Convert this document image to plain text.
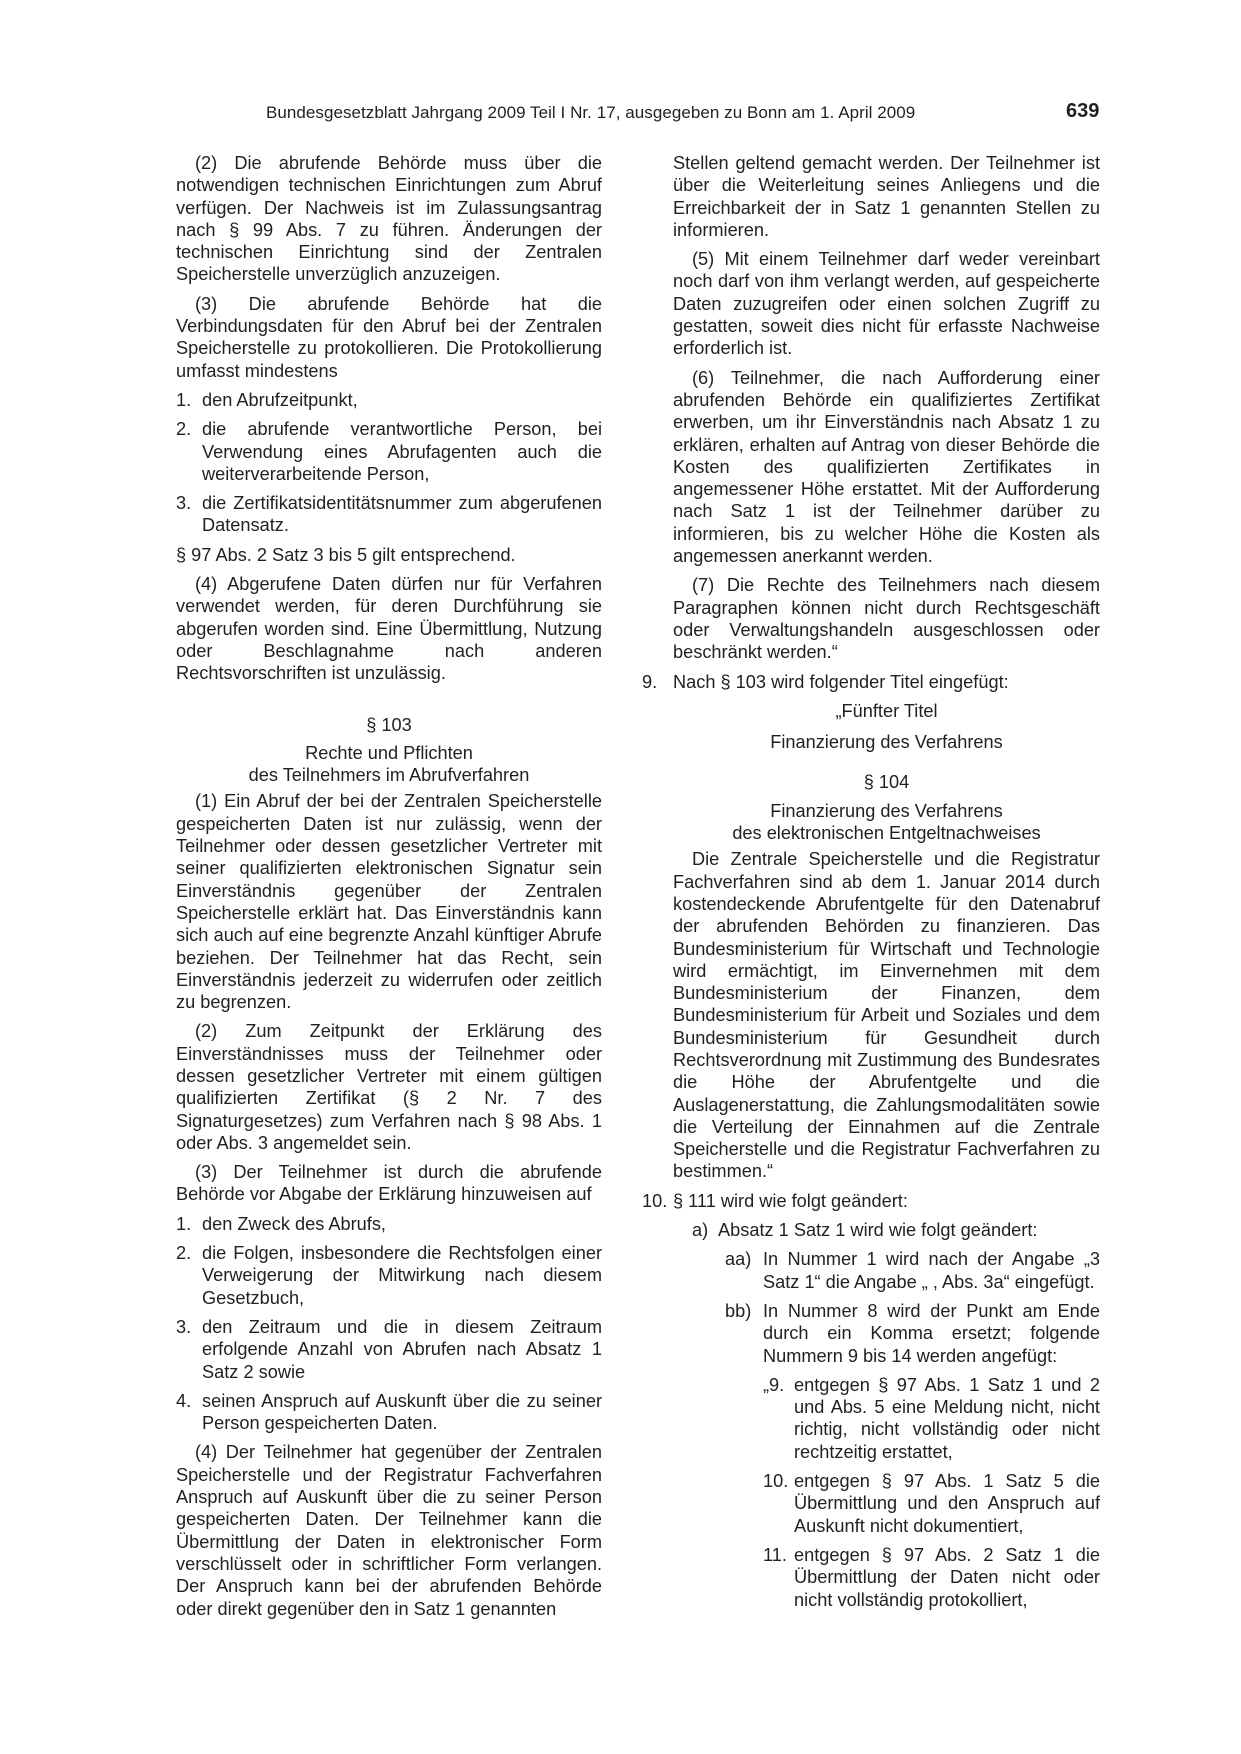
Bundesgesetzblatt Jahrgang 2009 Teil I Nr. 17, ausgegeben zu Bonn am 1. April 2009	639

(2) Die abrufende Behörde muss über die notwendigen technischen Einrichtungen zum Abruf verfügen. Der Nachweis ist im Zulassungsantrag nach § 99 Abs. 7 zu führen. Änderungen der technischen Einrichtung sind der Zentralen Speicherstelle unverzüglich anzuzeigen.

(3) Die abrufende Behörde hat die Verbindungsdaten für den Abruf bei der Zentralen Speicherstelle zu protokollieren. Die Protokollierung umfasst mindestens

1. den Abrufzeitpunkt,
2. die abrufende verantwortliche Person, bei Verwendung eines Abrufagenten auch die weiterverarbeitende Person,
3. die Zertifikatsidentitätsnummer zum abgerufenen Datensatz.

§ 97 Abs. 2 Satz 3 bis 5 gilt entsprechend.

(4) Abgerufene Daten dürfen nur für Verfahren verwendet werden, für deren Durchführung sie abgerufen worden sind. Eine Übermittlung, Nutzung oder Beschlagnahme nach anderen Rechtsvorschriften ist unzulässig.

§ 103

Rechte und Pflichten

des Teilnehmers im Abrufverfahren

(1) Ein Abruf der bei der Zentralen Speicherstelle gespeicherten Daten ist nur zulässig, wenn der Teilnehmer oder dessen gesetzlicher Vertreter mit seiner qualifizierten elektronischen Signatur sein Einverständnis gegenüber der Zentralen Speicherstelle erklärt hat. Das Einverständnis kann sich auch auf eine begrenzte Anzahl künftiger Abrufe beziehen. Der Teilnehmer hat das Recht, sein Einverständnis jederzeit zu widerrufen oder zeitlich zu begrenzen.

(2) Zum Zeitpunkt der Erklärung des Einverständnisses muss der Teilnehmer oder dessen gesetzlicher Vertreter mit einem gültigen qualifizierten Zertifikat (§ 2 Nr. 7 des Signaturgesetzes) zum Verfahren nach § 98 Abs. 1 oder Abs. 3 angemeldet sein.

(3) Der Teilnehmer ist durch die abrufende Behörde vor Abgabe der Erklärung hinzuweisen auf

1. den Zweck des Abrufs,
2. die Folgen, insbesondere die Rechtsfolgen einer Verweigerung der Mitwirkung nach diesem Gesetzbuch,
3. den Zeitraum und die in diesem Zeitraum erfolgende Anzahl von Abrufen nach Absatz 1 Satz 2 sowie
4. seinen Anspruch auf Auskunft über die zu seiner Person gespeicherten Daten.

(4) Der Teilnehmer hat gegenüber der Zentralen Speicherstelle und der Registratur Fachverfahren Anspruch auf Auskunft über die zu seiner Person gespeicherten Daten. Der Teilnehmer kann die Übermittlung der Daten in elektronischer Form verschlüsselt oder in schriftlicher Form verlangen. Der Anspruch kann bei der abrufenden Behörde oder direkt gegenüber den in Satz 1 genannten

Stellen geltend gemacht werden. Der Teilnehmer ist über die Weiterleitung seines Anliegens und die Erreichbarkeit der in Satz 1 genannten Stellen zu informieren.

(5) Mit einem Teilnehmer darf weder vereinbart noch darf von ihm verlangt werden, auf gespeicherte Daten zuzugreifen oder einen solchen Zugriff zu gestatten, soweit dies nicht für erfasste Nachweise erforderlich ist.

(6) Teilnehmer, die nach Aufforderung einer abrufenden Behörde ein qualifiziertes Zertifikat erwerben, um ihr Einverständnis nach Absatz 1 zu erklären, erhalten auf Antrag von dieser Behörde die Kosten des qualifizierten Zertifikates in angemessener Höhe erstattet. Mit der Aufforderung nach Satz 1 ist der Teilnehmer darüber zu informieren, bis zu welcher Höhe die Kosten als angemessen anerkannt werden.

(7) Die Rechte des Teilnehmers nach diesem Paragraphen können nicht durch Rechtsgeschäft oder Verwaltungshandeln ausgeschlossen oder beschränkt werden.“

9. Nach § 103 wird folgender Titel eingefügt:

„Fünfter Titel

Finanzierung des Verfahrens

§ 104

Finanzierung des Verfahrens

des elektronischen Entgeltnachweises

Die Zentrale Speicherstelle und die Registratur Fachverfahren sind ab dem 1. Januar 2014 durch kostendeckende Abrufentgelte für den Datenabruf der abrufenden Behörden zu finanzieren. Das Bundesministerium für Wirtschaft und Technologie wird ermächtigt, im Einvernehmen mit dem Bundesministerium der Finanzen, dem Bundesministerium für Arbeit und Soziales und dem Bundesministerium für Gesundheit durch Rechtsverordnung mit Zustimmung des Bundesrates die Höhe der Abrufentgelte und die Auslagenerstattung, die Zahlungsmodalitäten sowie die Verteilung der Einnahmen auf die Zentrale Speicherstelle und die Registratur Fachverfahren zu bestimmen.“

10. § 111 wird wie folgt geändert:
a) Absatz 1 Satz 1 wird wie folgt geändert:
aa) In Nummer 1 wird nach der Angabe „3 Satz 1“ die Angabe „ , Abs. 3a“ eingefügt.
bb) In Nummer 8 wird der Punkt am Ende durch ein Komma ersetzt; folgende Nummern 9 bis 14 werden angefügt:
„9. entgegen § 97 Abs. 1 Satz 1 und 2 und Abs. 5 eine Meldung nicht, nicht richtig, nicht vollständig oder nicht rechtzeitig erstattet,
10. entgegen § 97 Abs. 1 Satz 5 die Übermittlung und den Anspruch auf Auskunft nicht dokumentiert,
11. entgegen § 97 Abs. 2 Satz 1 die Übermittlung der Daten nicht oder nicht vollständig protokolliert,
